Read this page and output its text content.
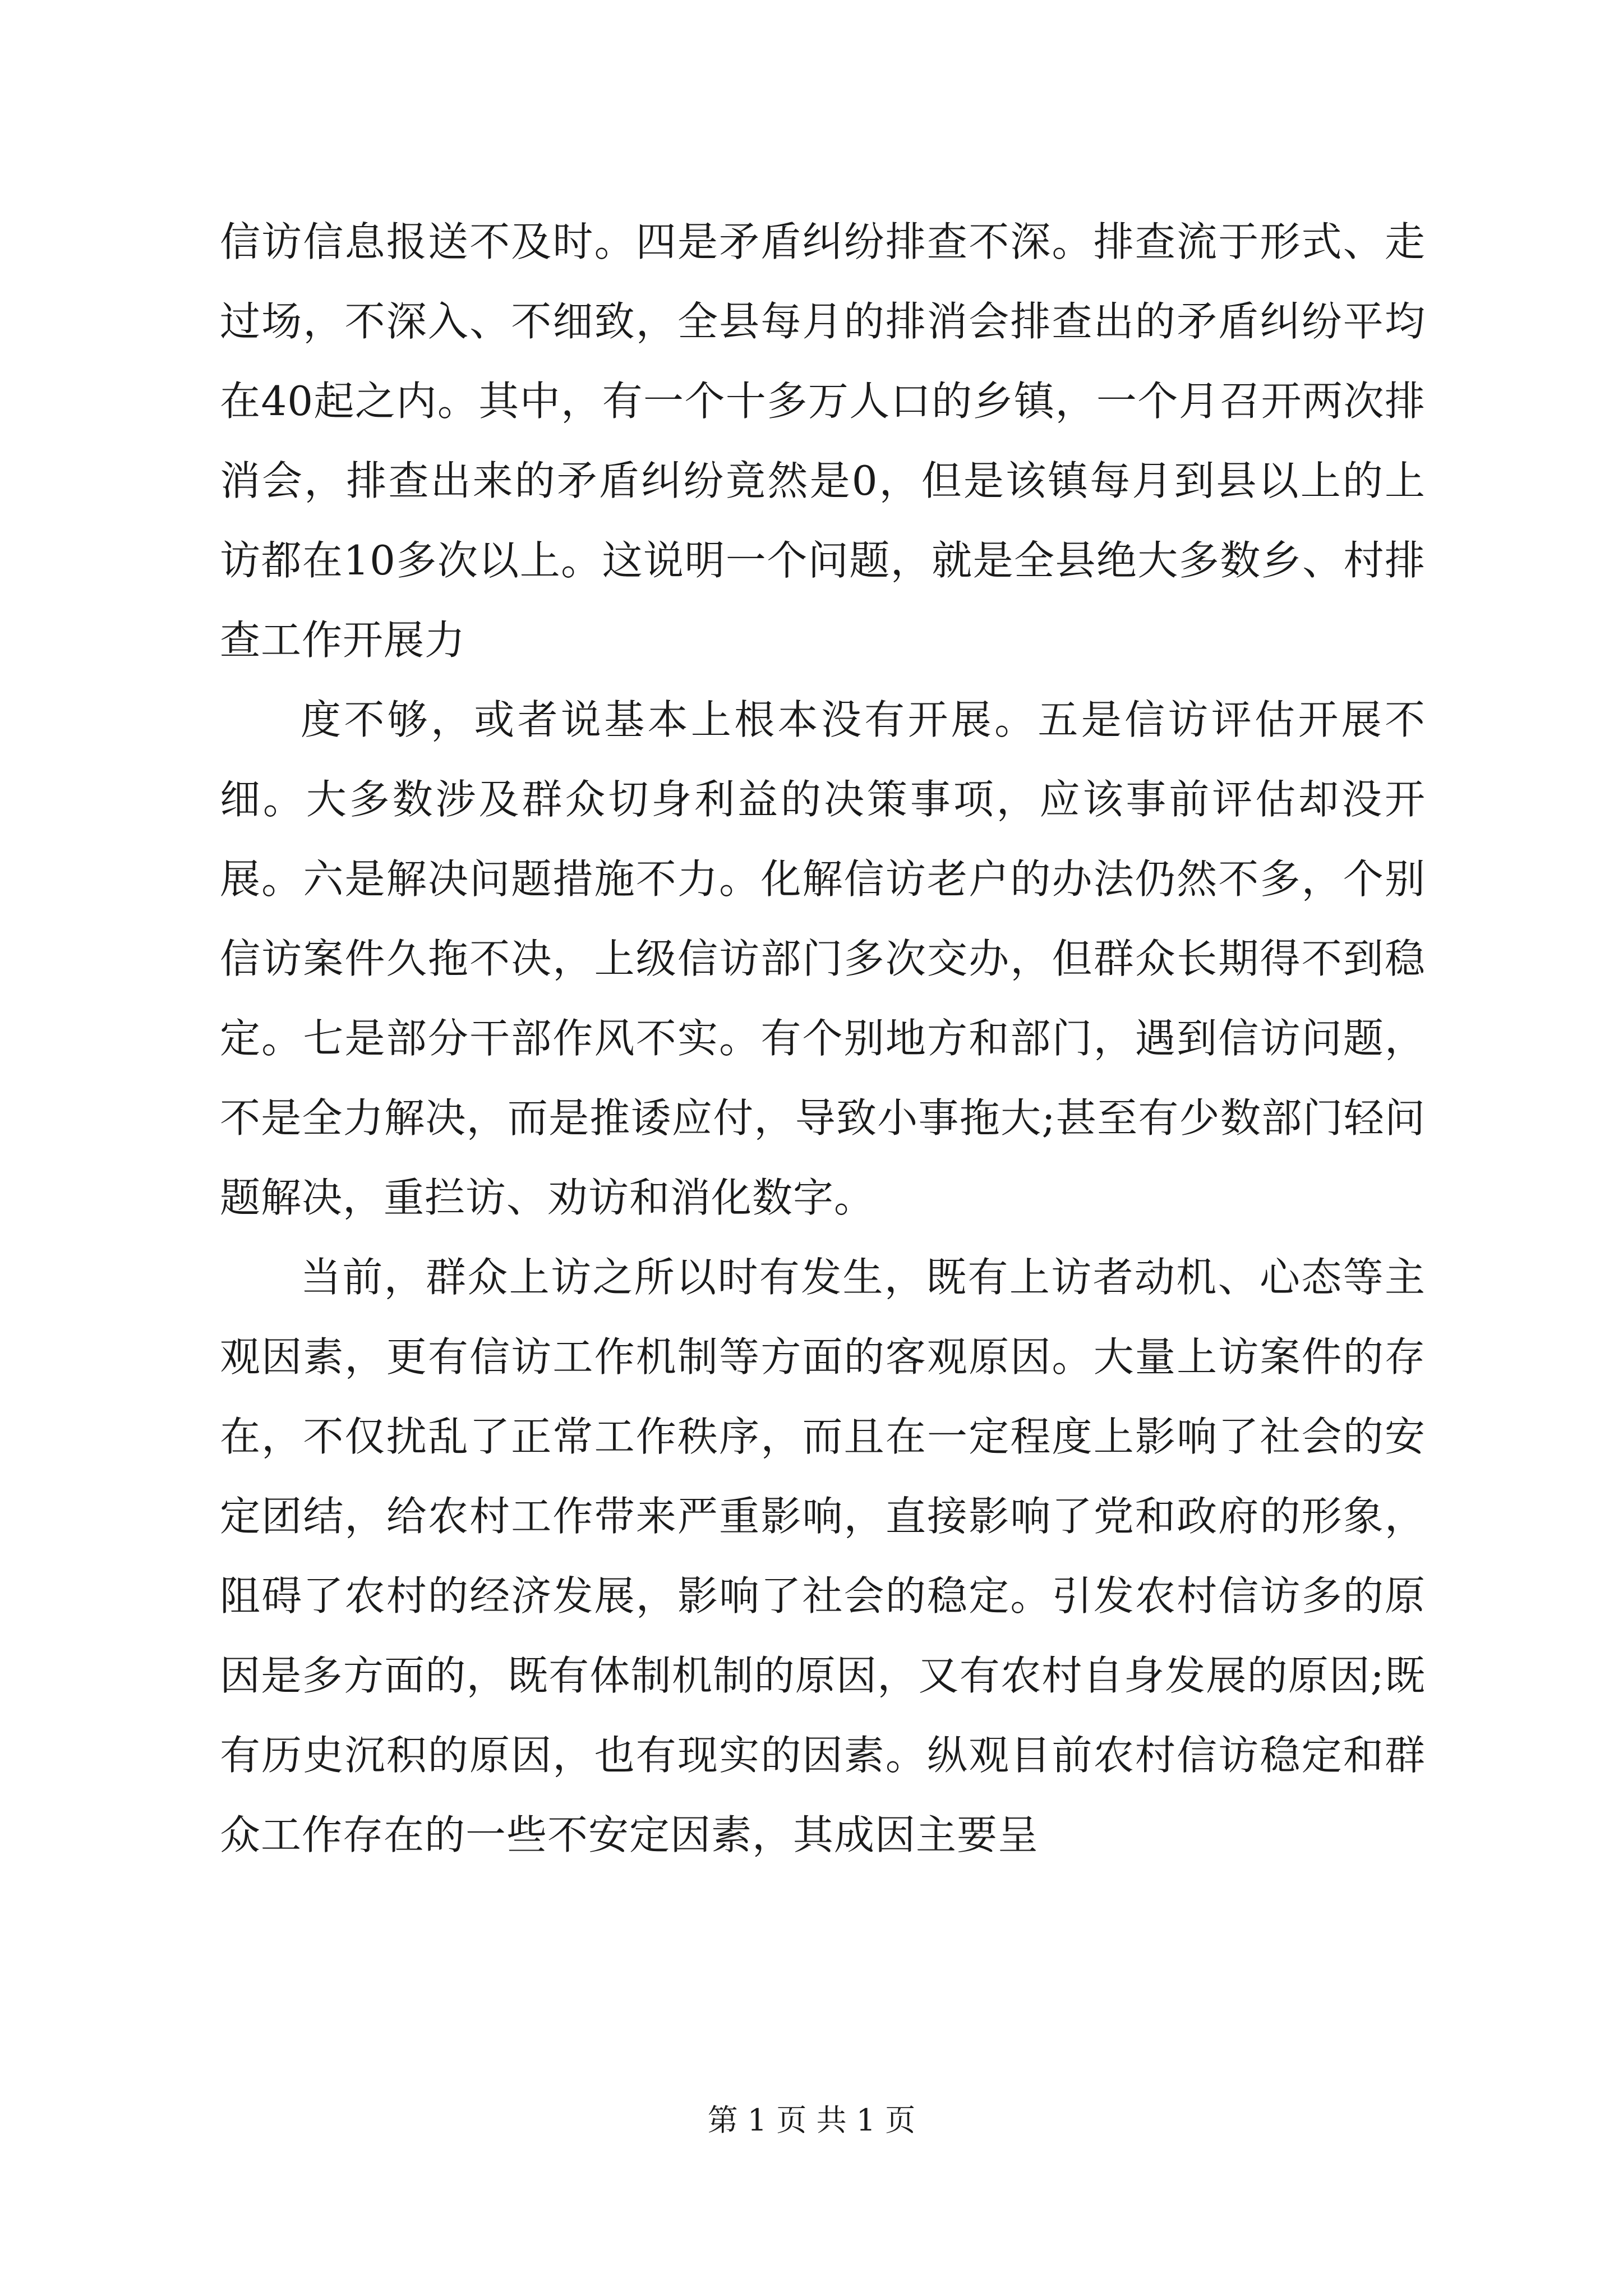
信访信息报送不及时。四是矛盾纠纷排查不深。排查流于形式、走过场，不深入、不细致，全县每月的排消会排查出的矛盾纠纷平均在40起之内。其中，有一个十多万人口的乡镇，一个月召开两次排消会，排查出来的矛盾纠纷竟然是0，但是该镇每月到县以上的上访都在10多次以上。这说明一个问题，就是全县绝大多数乡、村排查工作开展力

度不够，或者说基本上根本没有开展。五是信访评估开展不细。大多数涉及群众切身利益的决策事项，应该事前评估却没开展。六是解决问题措施不力。化解信访老户的办法仍然不多，个别信访案件久拖不决，上级信访部门多次交办，但群众长期得不到稳定。七是部分干部作风不实。有个别地方和部门，遇到信访问题，不是全力解决，而是推诿应付，导致小事拖大;甚至有少数部门轻问题解决，重拦访、劝访和消化数字。

当前，群众上访之所以时有发生，既有上访者动机、心态等主观因素，更有信访工作机制等方面的客观原因。大量上访案件的存在，不仅扰乱了正常工作秩序，而且在一定程度上影响了社会的安定团结，给农村工作带来严重影响，直接影响了党和政府的形象，阻碍了农村的经济发展，影响了社会的稳定。引发农村信访多的原因是多方面的，既有体制机制的原因，又有农村自身发展的原因;既有历史沉积的原因，也有现实的因素。纵观目前农村信访稳定和群众工作存在的一些不安定因素，其成因主要呈

第 1 页 共 1 页
